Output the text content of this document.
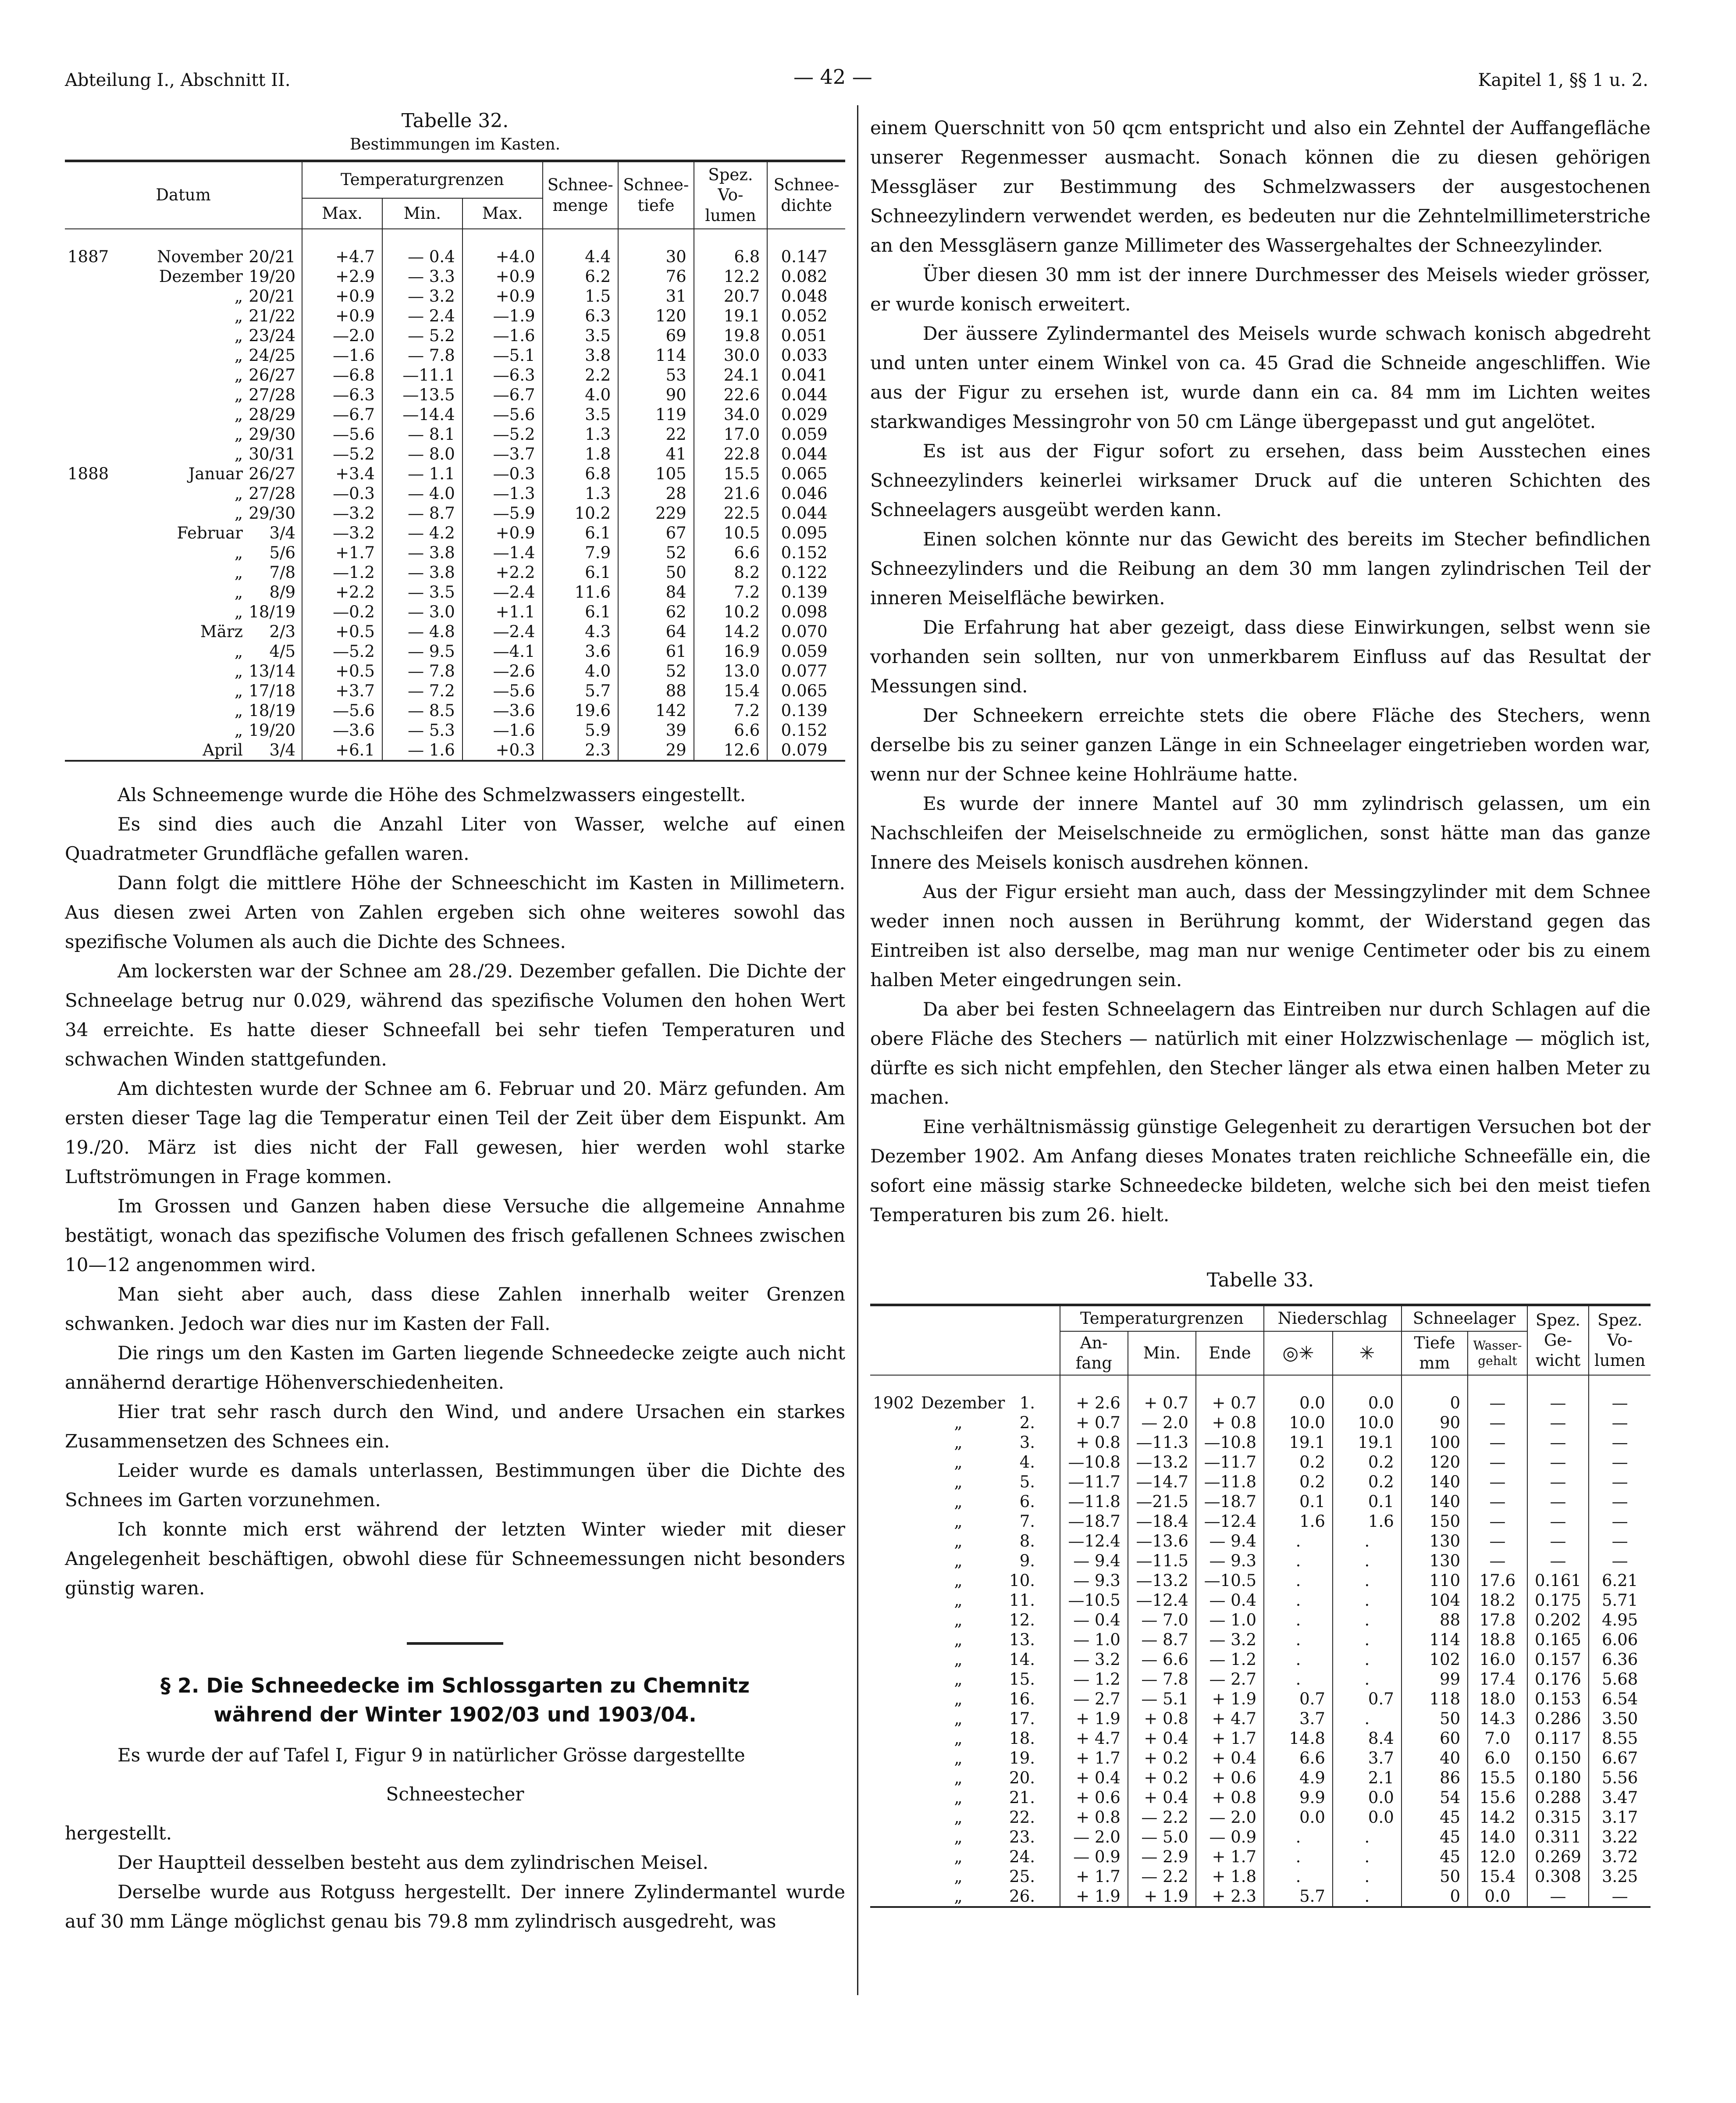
Abteilung I., Abschnitt II.	— 42 —	Kapitel 1, §§ 1 u. 2.
Tabelle 32.
Bestimmungen im Kasten.
Datum	Temperaturgrenzen			Schnee-menge	Schnee-tiefe	Spez. Vo-lumen	Schnee-dichte
	Max.	Min.	Max.				
1887 November 20/21	+4.7	— 0.4	+4.0	4.4	30	6.8	0.147
Dezember 19/20	+2.9	— 3.3	+0.9	6.2	76	12.2	0.082
„ 20/21	+0.9	— 3.2	+0.9	1.5	31	20.7	0.048
„ 21/22	+0.9	— 2.4	—1.9	6.3	120	19.1	0.052
„ 23/24	—2.0	— 5.2	—1.6	3.5	69	19.8	0.051
„ 24/25	—1.6	— 7.8	—5.1	3.8	114	30.0	0.033
„ 26/27	—6.8	—11.1	—6.3	2.2	53	24.1	0.041
„ 27/28	—6.3	—13.5	—6.7	4.0	90	22.6	0.044
„ 28/29	—6.7	—14.4	—5.6	3.5	119	34.0	0.029
„ 29/30	—5.6	— 8.1	—5.2	1.3	22	17.0	0.059
„ 30/31	—5.2	— 8.0	—3.7	1.8	41	22.8	0.044
1888 Januar 26/27	+3.4	— 1.1	—0.3	6.8	105	15.5	0.065
„ 27/28	—0.3	— 4.0	—1.3	1.3	28	21.6	0.046
„ 29/30	—3.2	— 8.7	—5.9	10.2	229	22.5	0.044
Februar 3/4	—3.2	— 4.2	+0.9	6.1	67	10.5	0.095
„ 5/6	+1.7	— 3.8	—1.4	7.9	52	6.6	0.152
„ 7/8	—1.2	— 3.8	+2.2	6.1	50	8.2	0.122
„ 8/9	+2.2	— 3.5	—2.4	11.6	84	7.2	0.139
„ 18/19	—0.2	— 3.0	+1.1	6.1	62	10.2	0.098
März 2/3	+0.5	— 4.8	—2.4	4.3	64	14.2	0.070
„ 4/5	—5.2	— 9.5	—4.1	3.6	61	16.9	0.059
„ 13/14	+0.5	— 7.8	—2.6	4.0	52	13.0	0.077
„ 17/18	+3.7	— 7.2	—5.6	5.7	88	15.4	0.065
„ 18/19	—5.6	— 8.5	—3.6	19.6	142	7.2	0.139
„ 19/20	—3.6	— 5.3	—1.6	5.9	39	6.6	0.152
April 3/4	+6.1	— 1.6	+0.3	2.3	29	12.6	0.079

Als Schneemenge wurde die Höhe des Schmelzwassers eingestellt.

Es sind dies auch die Anzahl Liter von Wasser, welche auf einen Quadratmeter Grundfläche gefallen waren.

Dann folgt die mittlere Höhe der Schneeschicht im Kasten in Millimetern. Aus diesen zwei Arten von Zahlen ergeben sich ohne weiteres sowohl das spezifische Volumen als auch die Dichte des Schnees.

Am lockersten war der Schnee am 28./29. Dezember gefallen. Die Dichte der Schneelage betrug nur 0.029, während das spezifische Volumen den hohen Wert 34 erreichte. Es hatte dieser Schneefall bei sehr tiefen Temperaturen und schwachen Winden stattgefunden.

Am dichtesten wurde der Schnee am 6. Februar und 20. März gefunden. Am ersten dieser Tage lag die Temperatur einen Teil der Zeit über dem Eispunkt. Am 19./20. März ist dies nicht der Fall gewesen, hier werden wohl starke Luftströmungen in Frage kommen.

Im Grossen und Ganzen haben diese Versuche die allgemeine Annahme bestätigt, wonach das spezifische Volumen des frisch gefallenen Schnees zwischen 10—12 angenommen wird.

Man sieht aber auch, dass diese Zahlen innerhalb weiter Grenzen schwanken. Jedoch war dies nur im Kasten der Fall.

Die rings um den Kasten im Garten liegende Schneedecke zeigte auch nicht annähernd derartige Höhenverschiedenheiten.

Hier trat sehr rasch durch den Wind, und andere Ursachen ein starkes Zusammensetzen des Schnees ein.

Leider wurde es damals unterlassen, Bestimmungen über die Dichte des Schnees im Garten vorzunehmen.

Ich konnte mich erst während der letzten Winter wieder mit dieser Angelegenheit beschäftigen, obwohl diese für Schneemessungen nicht besonders günstig waren.

§ 2. Die Schneedecke im Schlossgarten zu Chemnitz

während der Winter 1902/03 und 1903/04.

Es wurde der auf Tafel I, Figur 9 in natürlicher Grösse dargestellte

Schneestecher

hergestellt.

Der Hauptteil desselben besteht aus dem zylindrischen Meisel.

Derselbe wurde aus Rotguss hergestellt. Der innere Zylindermantel wurde auf 30 mm Länge möglichst genau bis 79.8 mm zylindrisch ausgedreht, was

einem Querschnitt von 50 qcm entspricht und also ein Zehntel der Auffangefläche unserer Regenmesser ausmacht. Sonach können die zu diesen gehörigen Messgläser zur Bestimmung des Schmelzwassers der ausgestochenen Schneezylindern verwendet werden, es bedeuten nur die Zehntelmillimeterstriche an den Messgläsern ganze Millimeter des Wassergehaltes der Schneezylinder.

Über diesen 30 mm ist der innere Durchmesser des Meisels wieder grösser, er wurde konisch erweitert.

Der äussere Zylindermantel des Meisels wurde schwach konisch abgedreht und unten unter einem Winkel von ca. 45 Grad die Schneide angeschliffen. Wie aus der Figur zu ersehen ist, wurde dann ein ca. 84 mm im Lichten weites starkwandiges Messingrohr von 50 cm Länge übergepasst und gut angelötet.

Es ist aus der Figur sofort zu ersehen, dass beim Ausstechen eines Schneezylinders keinerlei wirksamer Druck auf die unteren Schichten des Schneelagers ausgeübt werden kann.

Einen solchen könnte nur das Gewicht des bereits im Stecher befindlichen Schneezylinders und die Reibung an dem 30 mm langen zylindrischen Teil der inneren Meiselfläche bewirken.

Die Erfahrung hat aber gezeigt, dass diese Einwirkungen, selbst wenn sie vorhanden sein sollten, nur von unmerkbarem Einfluss auf das Resultat der Messungen sind.

Der Schneekern erreichte stets die obere Fläche des Stechers, wenn derselbe bis zu seiner ganzen Länge in ein Schneelager eingetrieben worden war, wenn nur der Schnee keine Hohlräume hatte.

Es wurde der innere Mantel auf 30 mm zylindrisch gelassen, um ein Nachschleifen der Meiselschneide zu ermöglichen, sonst hätte man das ganze Innere des Meisels konisch ausdrehen können.

Aus der Figur ersieht man auch, dass der Messingzylinder mit dem Schnee weder innen noch aussen in Berührung kommt, der Widerstand gegen das Eintreiben ist also derselbe, mag man nur wenige Centimeter oder bis zu einem halben Meter eingedrungen sein.

Da aber bei festen Schneelagern das Eintreiben nur durch Schlagen auf die obere Fläche des Stechers — natürlich mit einer Holzzwischenlage — möglich ist, dürfte es sich nicht empfehlen, den Stecher länger als etwa einen halben Meter zu machen.

Eine verhältnismässig günstige Gelegenheit zu derartigen Versuchen bot der Dezember 1902. Am Anfang dieses Monates traten reichliche Schneefälle ein, die sofort eine mässig starke Schneedecke bildeten, welche sich bei den meist tiefen Temperaturen bis zum 26. hielt.

Tabelle 33.
	Temperaturgrenzen			Niederschlag		Schneelager		Spez. Ge-wicht	Spez. Vo-lumen
	An-fang	Min.	Ende	◎✳	✳	Tiefe mm	Wasser-gehalt		
1902 Dezember 1.	+ 2.6	+ 0.7	+ 0.7	0.0	0.0	0	—	—	—
„ 2.	+ 0.7	— 2.0	+ 0.8	10.0	10.0	90	—	—	—
„ 3.	+ 0.8	—11.3	—10.8	19.1	19.1	100	—	—	—
„ 4.	—10.8	—13.2	—11.7	0.2	0.2	120	—	—	—
„ 5.	—11.7	—14.7	—11.8	0.2	0.2	140	—	—	—
„ 6.	—11.8	—21.5	—18.7	0.1	0.1	140	—	—	—
„ 7.	—18.7	—18.4	—12.4	1.6	1.6	150	—	—	—
„ 8.	—12.4	—13.6	— 9.4	.	.	130	—	—	—
„ 9.	— 9.4	—11.5	— 9.3	.	.	130	—	—	—
„ 10.	— 9.3	—13.2	—10.5	.	.	110	17.6	0.161	6.21
„ 11.	—10.5	—12.4	— 0.4	.	.	104	18.2	0.175	5.71
„ 12.	— 0.4	— 7.0	— 1.0	.	.	88	17.8	0.202	4.95
„ 13.	— 1.0	— 8.7	— 3.2	.	.	114	18.8	0.165	6.06
„ 14.	— 3.2	— 6.6	— 1.2	.	.	102	16.0	0.157	6.36
„ 15.	— 1.2	— 7.8	— 2.7	.	.	99	17.4	0.176	5.68
„ 16.	— 2.7	— 5.1	+ 1.9	0.7	0.7	118	18.0	0.153	6.54
„ 17.	+ 1.9	+ 0.8	+ 4.7	3.7	.	50	14.3	0.286	3.50
„ 18.	+ 4.7	+ 0.4	+ 1.7	14.8	8.4	60	7.0	0.117	8.55
„ 19.	+ 1.7	+ 0.2	+ 0.4	6.6	3.7	40	6.0	0.150	6.67
„ 20.	+ 0.4	+ 0.2	+ 0.6	4.9	2.1	86	15.5	0.180	5.56
„ 21.	+ 0.6	+ 0.4	+ 0.8	9.9	0.0	54	15.6	0.288	3.47
„ 22.	+ 0.8	— 2.2	— 2.0	0.0	0.0	45	14.2	0.315	3.17
„ 23.	— 2.0	— 5.0	— 0.9	.	.	45	14.0	0.311	3.22
„ 24.	— 0.9	— 2.9	+ 1.7	.	.	45	12.0	0.269	3.72
„ 25.	+ 1.7	— 2.2	+ 1.8	.	.	50	15.4	0.308	3.25
„ 26.	+ 1.9	+ 1.9	+ 2.3	5.7	.	0	0.0	—	—
